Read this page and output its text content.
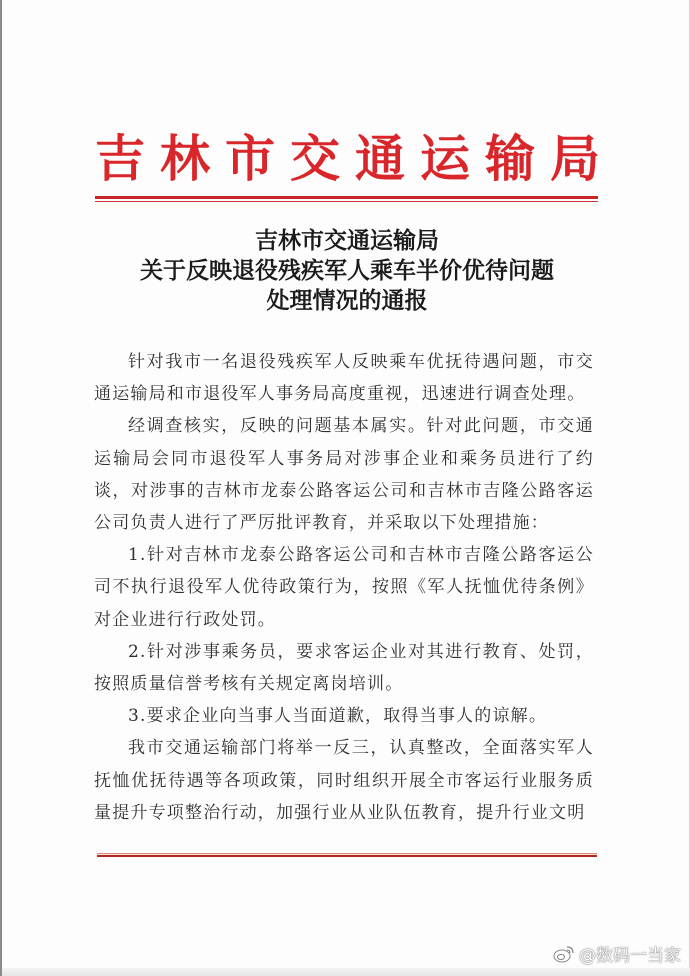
吉林市交通运输局
吉林市交通运输局
关于反映退役残疾军人乘车半价优待问题
处理情况的通报

针对我市一名退役残疾军人反映乘车优抚待遇问题，市交通运输局和市退役军人事务局高度重视，迅速进行调查处理。

经调查核实，反映的问题基本属实。针对此问题，市交通运输局会同市退役军人事务局对涉事企业和乘务员进行了约谈，对涉事的吉林市龙泰公路客运公司和吉林市吉隆公路客运公司负责人进行了严厉批评教育，并采取以下处理措施：

1.针对吉林市龙泰公路客运公司和吉林市吉隆公路客运公司不执行退役军人优待政策行为，按照《军人抚恤优待条例》对企业进行行政处罚。

2.针对涉事乘务员，要求客运企业对其进行教育、处罚，按照质量信誉考核有关规定离岗培训。

3.要求企业向当事人当面道歉，取得当事人的谅解。

我市交通运输部门将举一反三，认真整改，全面落实军人抚恤优抚待遇等各项政策，同时组织开展全市客运行业服务质量提升专项整治行动，加强行业从业队伍教育，提升行业文明

@数码一当家
